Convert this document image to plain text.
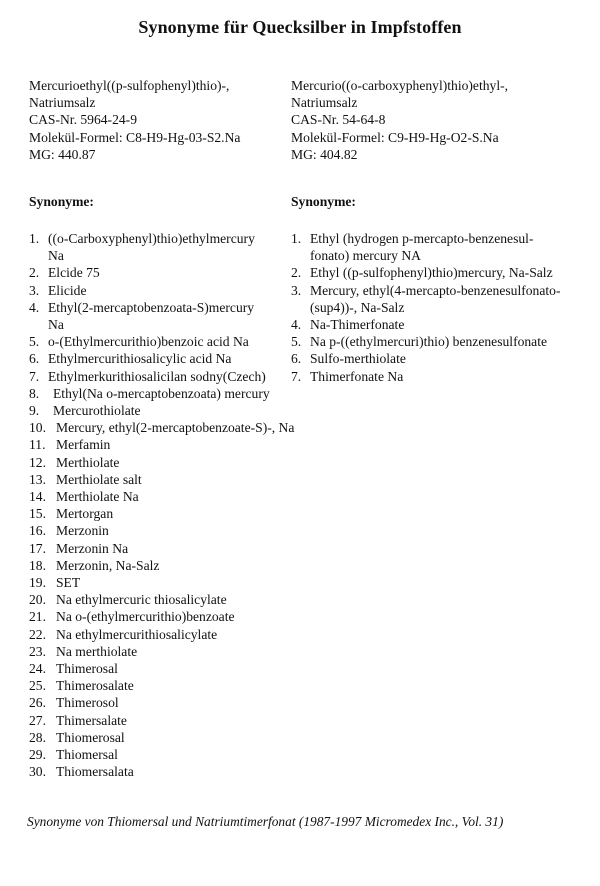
Synonyme für Quecksilber in Impfstoffen
Mercurioethyl((p-sulfophenyl)thio)-,
Natriumsalz
CAS-Nr. 5964-24-9
Molekül-Formel: C8-H9-Hg-03-S2.Na
MG: 440.87
Mercurio((o-carboxyphenyl)thio)ethyl-,
Natriumsalz
CAS-Nr. 54-64-8
Molekül-Formel: C9-H9-Hg-O2-S.Na
MG: 404.82
Synonyme:	Synonyme:
1. ((o-Carboxyphenyl)thio)ethylmercury
Na
2. Elcide 75
3. Elicide
4. Ethyl(2-mercaptobenzoata-S)mercury
Na
5. o-(Ethylmercurithio)benzoic acid Na
6. Ethylmercurithiosalicylic acid Na
7. Ethylmerkurithiosalicilan sodny(Czech)
8. Ethyl(Na o-mercaptobenzoata) mercury
9. Mercurothiolate
10. Mercury, ethyl(2-mercaptobenzoate-S)-, Na
11. Merfamin
12. Merthiolate
13. Merthiolate salt
14. Merthiolate Na
15. Mertorgan
16. Merzonin
17. Merzonin Na
18. Merzonin, Na-Salz
19. SET
20. Na ethylmercuric thiosalicylate
21. Na o-(ethylmercurithio)benzoate
22. Na ethylmercurithiosalicylate
23. Na merthiolate
24. Thimerosal
25. Thimerosalate
26. Thimerosol
27. Thimersalate
28. Thiomerosal
29. Thiomersal
30. Thiomersalata
1. Ethyl (hydrogen p-mercapto-benzenesul-
fonato) mercury NA
2. Ethyl ((p-sulfophenyl)thio)mercury, Na-Salz
3. Mercury, ethyl(4-mercapto-benzenesulfonato-
(sup4))-, Na-Salz
4. Na-Thimerfonate
5. Na p-((ethylmercuri)thio) benzenesulfonate
6. Sulfo-merthiolate
7. Thimerfonate Na
Synonyme von Thiomersal und Natriumtimerfonat (1987-1997 Micromedex Inc., Vol. 31)
